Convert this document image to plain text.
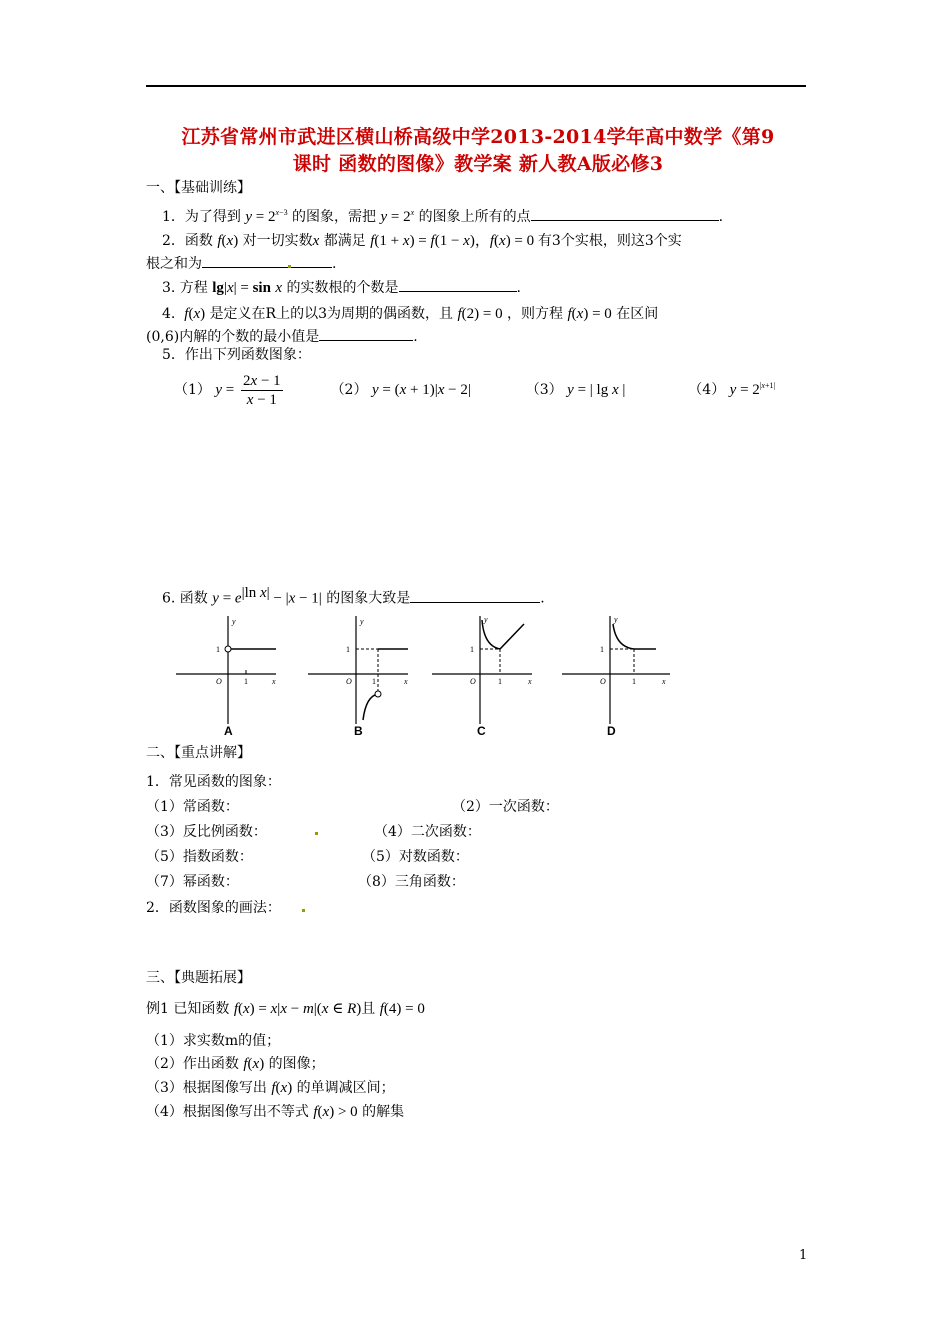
江苏省常州市武进区横山桥高级中学2013-2014学年高中数学《第9
课时 函数的图像》教学案 新人教A版必修3
一、【基础训练】
1．为了得到 $y = 2^{x-3}$ 的图象，需把 $y = 2^x$ 的图象上所有的点	.
2．函数 f(x) 对一切实数x 都满足 f(1 + x) = f(1 − x)，f(x) = 0 有3个实根，则这3个实
根之和为	.
3. 方程 lg|x| = sin x 的实数根的个数是	.
4. f(x) 是定义在R上的以3为周期的偶函数，且 f(2) = 0 ，则方程 f(x) = 0 在区间
(0,6)内解的个数的最小值是	.
5．作出下列函数图象：
（1） $y = \frac{2x - 1}{x - 1}$	（2） y = (x + 1)|x − 2|	（3） y = | lg x |	（4） $y = 2^{|x+1|}$
6. 函数 $y = e^{|ln x|} - |x - 1|$ 的图象大致是	.
y
1
O	1	x
A
y
1
O	1	x
B
y
1
O	1	x
C
y
1
O	1	x
D
二、【重点讲解】
1．常见函数的图象：
（1）常函数：	（2）一次函数：
（3）反比例函数：	（4）二次函数：
（5）指数函数：	（5）对数函数：
（7）幂函数：	（8）三角函数：
2．函数图象的画法：
三、【典题拓展】
例1 已知函数 f(x) = x|x − m|(x ∈ R)且 f(4) = 0
（1）求实数m的值；
（2）作出函数 f(x) 的图像；
（3）根据图像写出 f(x) 的单调减区间；
（4）根据图像写出不等式 f(x) > 0 的解集
1
